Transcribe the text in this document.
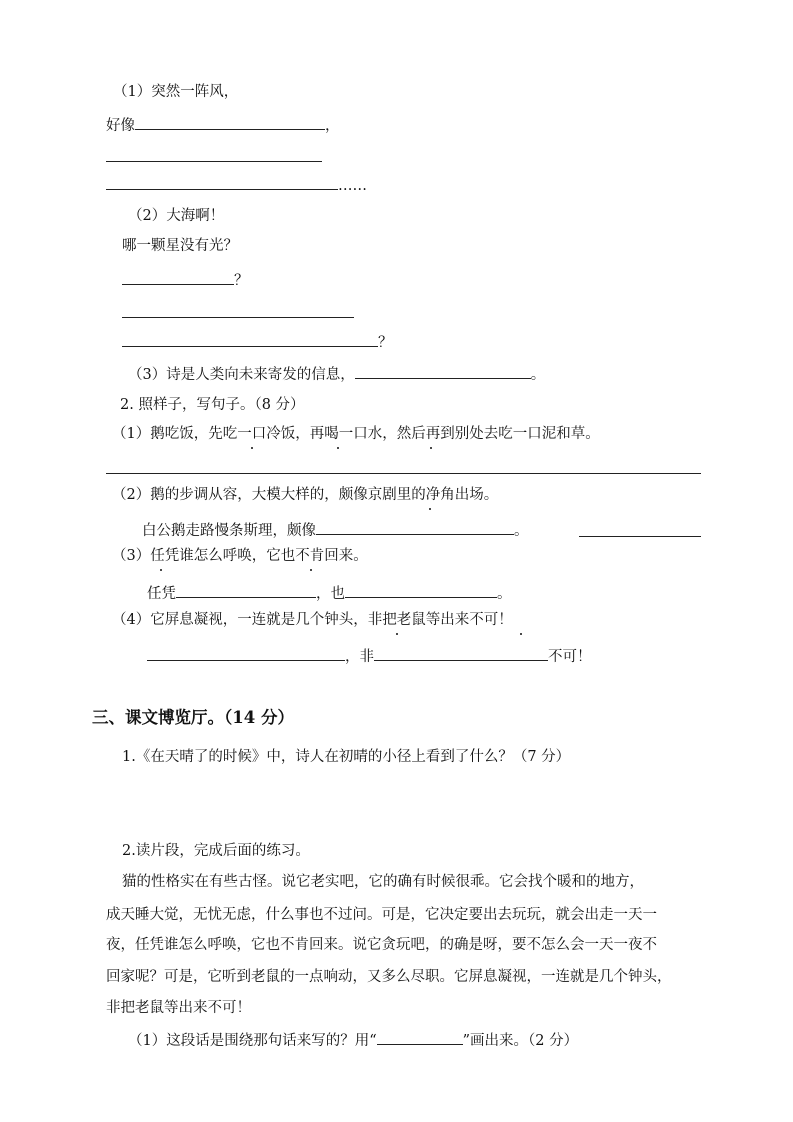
（1）突然一阵风，
好像	，
……
（2）大海啊！
哪一颗星没有光？
？
？
（3）诗是人类向未来寄发的信息，	。
2. 照样子，写句子。（8 分）
（1）鹅吃饭，先吃一口冷饭，再喝一口水，然后再到别处去吃一口泥和草。
（2）鹅的步调从容，大模大样的，颇像京剧里的净角出场。
白公鹅走路慢条斯理，颇像	。
（3）任凭谁怎么呼唤，它也不肯回来。
任凭	，也	。
（4）它屏息凝视，一连就是几个钟头，非把老鼠等出来不可！
，非	不可！
三、课文博览厅。（14 分）
1.《在天晴了的时候》中，诗人在初晴的小径上看到了什么？（7 分）
2.读片段，完成后面的练习。
猫的性格实在有些古怪。说它老实吧，它的确有时候很乖。它会找个暖和的地方，
成天睡大觉，无忧无虑，什么事也不过问。可是，它决定要出去玩玩，就会出走一天一
夜，任凭谁怎么呼唤，它也不肯回来。说它贪玩吧，的确是呀，要不怎么会一天一夜不
回家呢？可是，它听到老鼠的一点响动，又多么尽职。它屏息凝视，一连就是几个钟头，
非把老鼠等出来不可！
（1）这段话是围绕那句话来写的？用“	”画出来。（2 分）
